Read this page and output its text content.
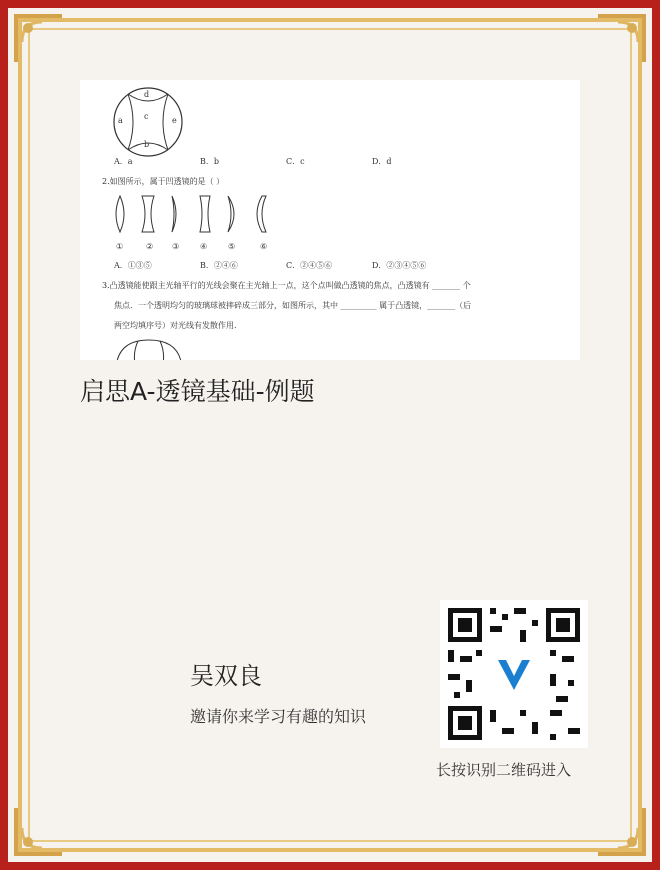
d
a	c	e
b
A．a	B．b	C．c	D．d
2.如图所示，属于凹透镜的是（ ）
①	② ③	④	⑤	⑥
A．①③⑤	B．②④⑥	C．②④⑤⑥	D．②③④⑤⑥
3.凸透镜能使跟主光轴平行的光线会聚在主光轴上一点，这个点叫做凸透镜的焦点，凸透镜有 _______ 个
焦点．一个透明均匀的玻璃球被摔碎成三部分，如图所示，其中 _________ 属于凸透镜，_______（后
两空均填序号）对光线有发散作用．
启思A-透镜基础-例题
吴双良
邀请你来学习有趣的知识
长按识别二维码进入
